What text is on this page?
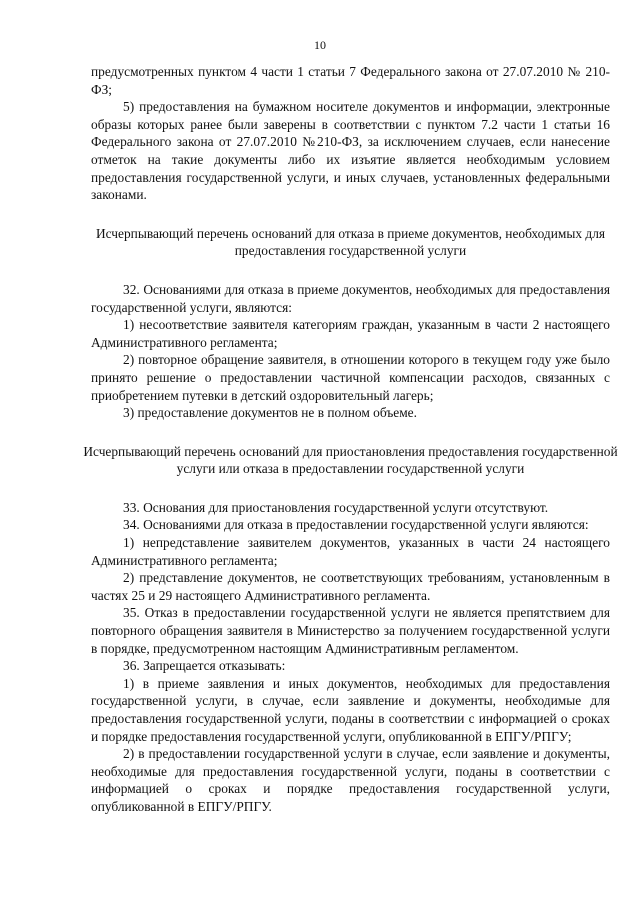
10

предусмотренных пунктом 4 части 1 статьи 7 Федерального закона от 27.07.2010 № 210-ФЗ;

5) предоставления на бумажном носителе документов и информации, электронные образы которых ранее были заверены в соответствии с пунктом 7.2 части 1 статьи 16 Федерального закона от 27.07.2010 №210-ФЗ, за исключением случаев, если нанесение отметок на такие документы либо их изъятие является необходимым условием предоставления государственной услуги, и иных случаев, установленных федеральными законами.

Исчерпывающий перечень оснований для отказа в приеме документов, необходимых для предоставления государственной услуги

32. Основаниями для отказа в приеме документов, необходимых для предоставления государственной услуги, являются:

1) несоответствие заявителя категориям граждан, указанным в части 2 настоящего Административного регламента;

2) повторное обращение заявителя, в отношении которого в текущем году уже было принято решение о предоставлении частичной компенсации расходов, связанных с приобретением путевки в детский оздоровительный лагерь;

3) предоставление документов не в полном объеме.

Исчерпывающий перечень оснований для приостановления предоставления государственной услуги или отказа в предоставлении государственной услуги

33. Основания для приостановления государственной услуги отсутствуют.

34. Основаниями для отказа в предоставлении государственной услуги являются:

1) непредставление заявителем документов, указанных в части 24 настоящего Административного регламента;

2) представление документов, не соответствующих требованиям, установленным в частях 25 и 29 настоящего Административного регламента.

35. Отказ в предоставлении государственной услуги не является препятствием для повторного обращения заявителя в Министерство за получением государственной услуги в порядке, предусмотренном настоящим Административным регламентом.

36. Запрещается отказывать:

1) в приеме заявления и иных документов, необходимых для предоставления государственной услуги, в случае, если заявление и документы, необходимые для предоставления государственной услуги, поданы в соответствии с информацией о сроках и порядке предоставления государственной услуги, опубликованной в ЕПГУ/РПГУ;

2) в предоставлении государственной услуги в случае, если заявление и документы, необходимые для предоставления государственной услуги, поданы в соответствии с информацией о сроках и порядке предоставления государственной услуги, опубликованной в ЕПГУ/РПГУ.
